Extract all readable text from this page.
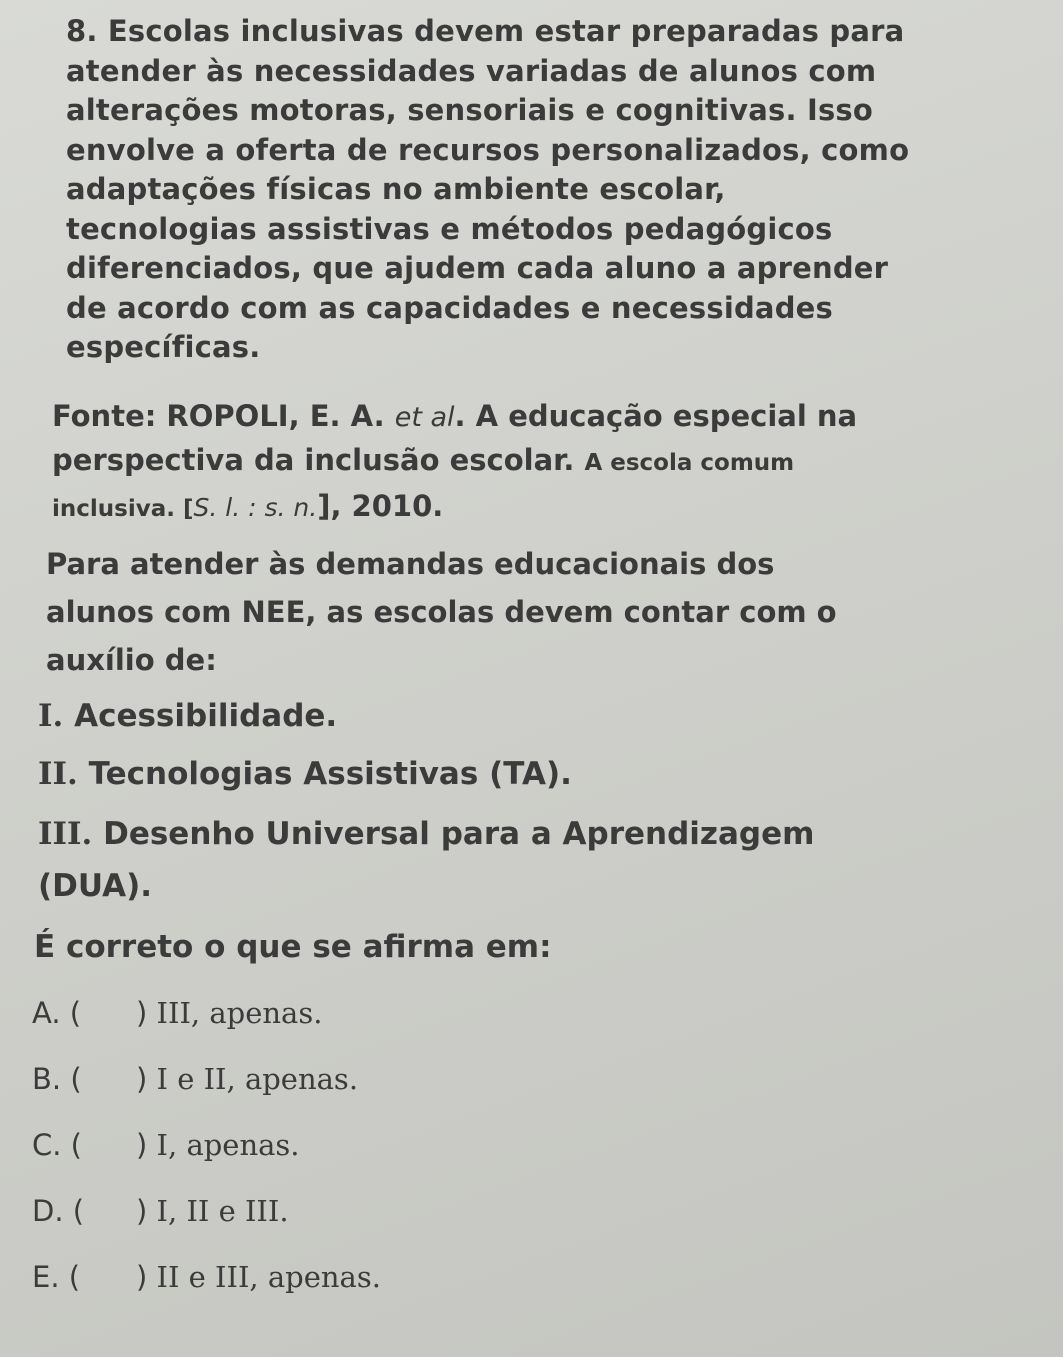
8. Escolas inclusivas devem estar preparadas para
atender às necessidades variadas de alunos com
alterações motoras, sensoriais e cognitivas. Isso
envolve a oferta de recursos personalizados, como
adaptações físicas no ambiente escolar,
tecnologias assistivas e métodos pedagógicos
diferenciados, que ajudem cada aluno a aprender
de acordo com as capacidades e necessidades
específicas.
Fonte: ROPOLI, E. A. et al. A educação especial na
perspectiva da inclusão escolar. A escola comum
inclusiva. [S. l. : s. n.], 2010.
Para atender às demandas educacionais dos
alunos com NEE, as escolas devem contar com o
auxílio de:
I. Acessibilidade.
II. Tecnologias Assistivas (TA).
III. Desenho Universal para a Aprendizagem
(DUA).
É correto o que se afirma em:
A. ( ) III, apenas.
B. ( ) I e II, apenas.
C. ( ) I, apenas.
D. ( ) I, II e III.
E. ( ) II e III, apenas.
